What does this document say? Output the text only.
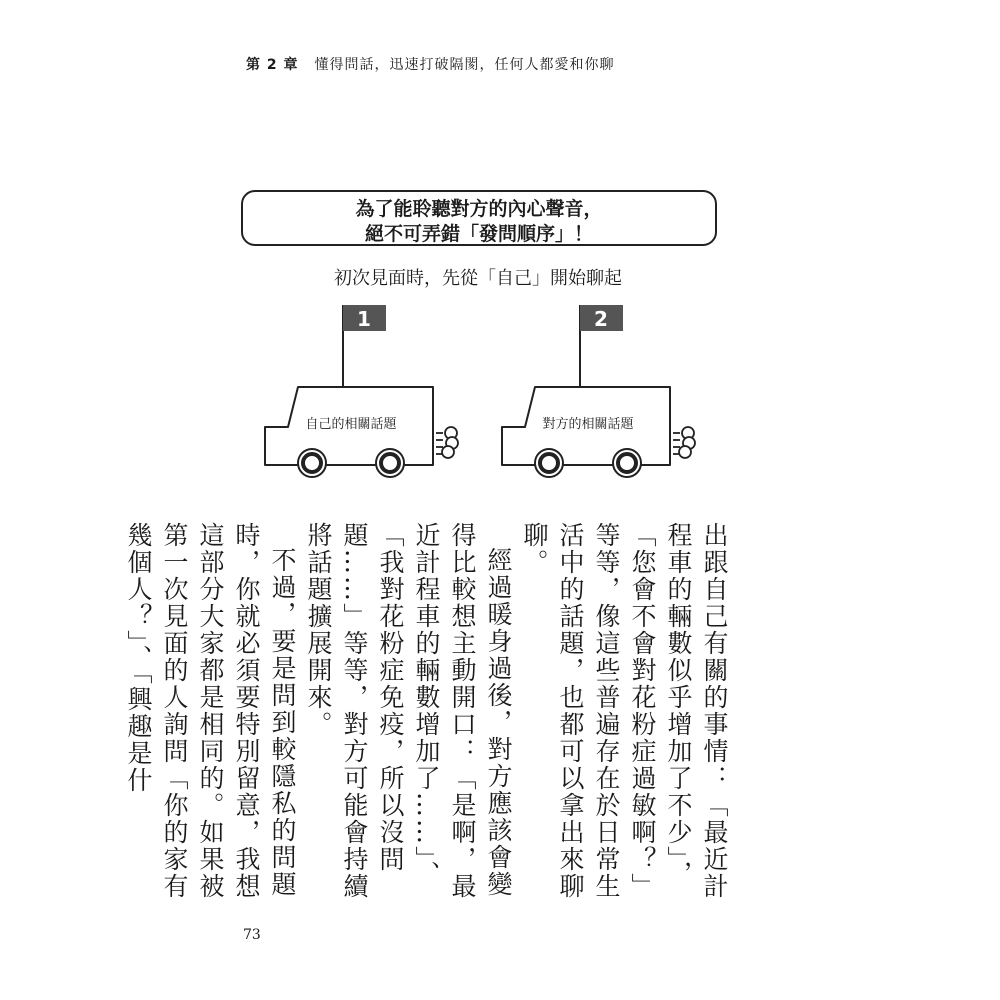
第 2 章 懂得問話，迅速打破隔閡，任何人都愛和你聊
為了能聆聽對方的內心聲音，
絕不可弄錯「發問順序」！
初次見面時，先從「自己」開始聊起
1
自己的相關話題
2
對方的相關話題

出跟自己有關的事情：「最近計程車的輛數似乎增加了不少」，「您會不會對花粉症過敏啊？」等等，像這些普遍存在於日常生活中的話題，也都可以拿出來聊聊。

經過暖身過後，對方應該會變得比較想主動開口：「是啊，最近計程車的輛數增加了……」、「我對花粉症免疫，所以沒問題……」等等，對方可能會持續將話題擴展開來。

不過，要是問到較隱私的問題時，你就必須要特別留意，我想這部分大家都是相同的。如果被第一次見面的人詢問「你的家有幾個人？」、「興趣是什

73
